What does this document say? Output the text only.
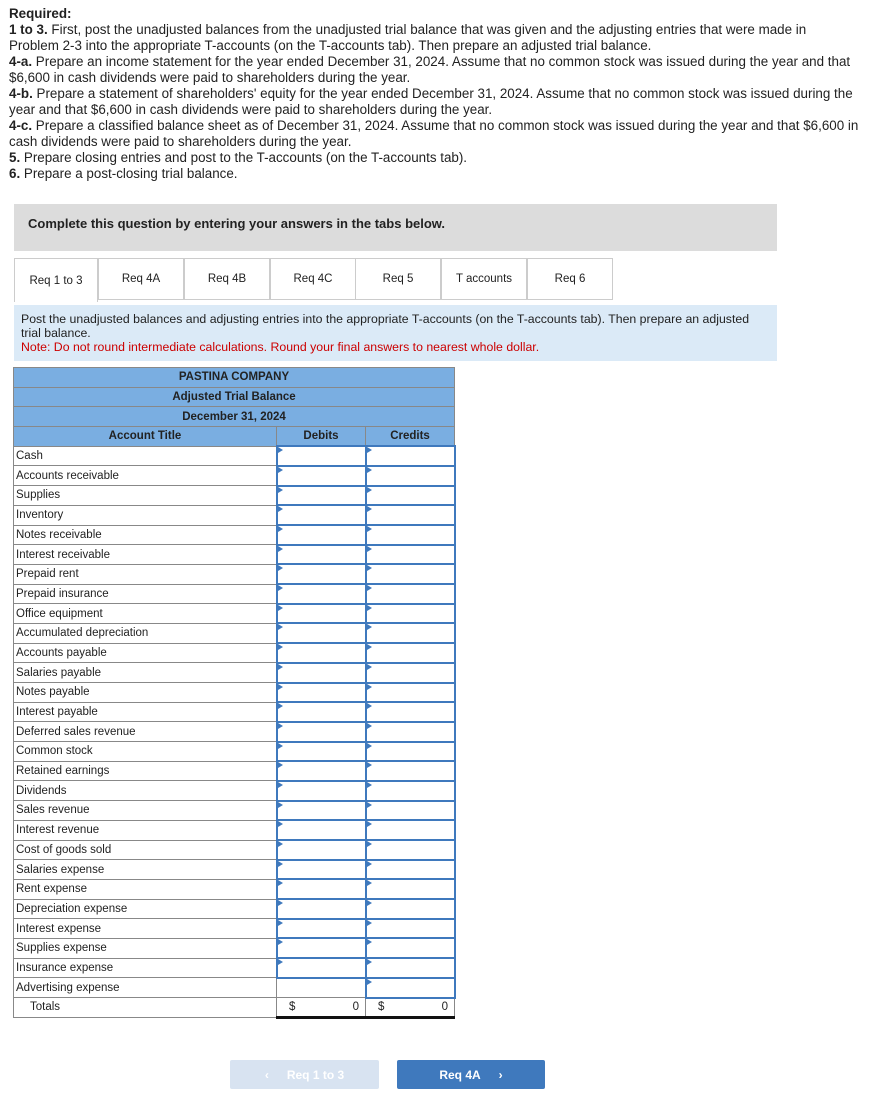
Required:
1 to 3. First, post the unadjusted balances from the unadjusted trial balance that was given and the adjusting entries that were made in Problem 2-3 into the appropriate T-accounts (on the T-accounts tab). Then prepare an adjusted trial balance.
4-a. Prepare an income statement for the year ended December 31, 2024. Assume that no common stock was issued during the year and that $6,600 in cash dividends were paid to shareholders during the year.
4-b. Prepare a statement of shareholders' equity for the year ended December 31, 2024. Assume that no common stock was issued during the year and that $6,600 in cash dividends were paid to shareholders during the year.
4-c. Prepare a classified balance sheet as of December 31, 2024. Assume that no common stock was issued during the year and that $6,600 in cash dividends were paid to shareholders during the year.
5. Prepare closing entries and post to the T-accounts (on the T-accounts tab).
6. Prepare a post-closing trial balance.
Complete this question by entering your answers in the tabs below.
Req 1 to 3	Req 4A	Req 4B	Req 4C	Req 5	T accounts	Req 6
Post the unadjusted balances and adjusting entries into the appropriate T-accounts (on the T-accounts tab). Then prepare an adjusted trial balance.
Note: Do not round intermediate calculations. Round your final answers to nearest whole dollar.
PASTINA COMPANY		
Adjusted Trial Balance		
December 31, 2024		
Account Title	Debits	Credits
Cash		
Accounts receivable		
Supplies		
Inventory		
Notes receivable		
Interest receivable		
Prepaid rent		
Prepaid insurance		
Office equipment		
Accumulated depreciation		
Accounts payable		
Salaries payable		
Notes payable		
Interest payable		
Deferred sales revenue		
Common stock		
Retained earnings		
Dividends		
Sales revenue		
Interest revenue		
Cost of goods sold		
Salaries expense		
Rent expense		
Depreciation expense		
Interest expense		
Supplies expense		
Insurance expense		
Advertising expense		
Totals	$ 0	$ 0
‹ Req 1 to 3	Req 4A ›
